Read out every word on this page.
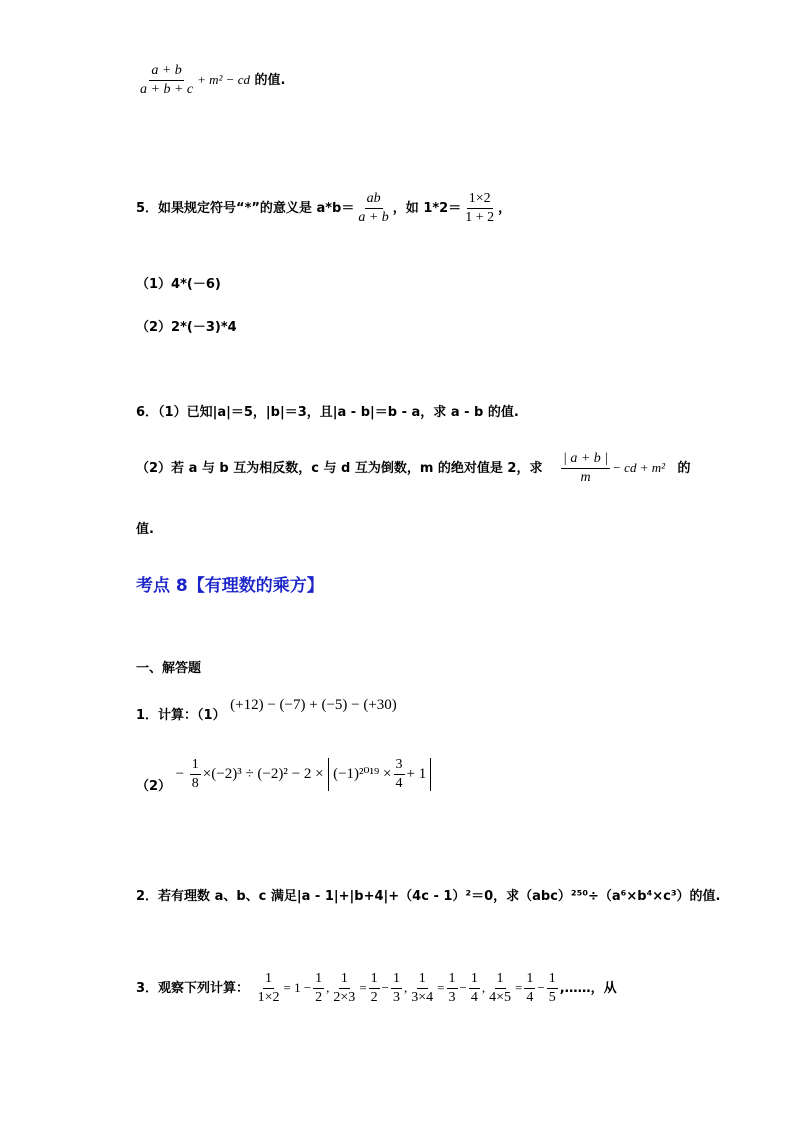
$\frac{a + b}{a + b + c} + m^2$ − cd 的值.
5．如果规定符号“*”的意义是 $a*b= \frac{ab}{a + b}$ ，如 $1*2= \frac{1\times 2}{1 + 2}$ ，
（1）4*(－6)
（2）2*(－3)*4
6．（1）已知|a|＝5，|b|＝3，且|a - b|＝b - a，求 a - b 的值.
（2）若 a 与 b 互为相反数，c 与 d 互为倒数，m 的绝对值是 2，求 $\frac{| a + b |}{m}$ − cd + m² 的
值.
考点 8【有理数的乘方】
一、解答题
1．计算：（1） (+12) − (−7) + (−5) − (+30)
$(2) - \frac{1}{8} \times(-2)^3 \div (-2)^2 - 2 \times (-1)^{2019} \times \frac{3}{4} + 1$
2．若有理数 a、b、c 满足|a - 1|+|b+4|+（4c - 1）²＝0，求（abc）²⁵⁰÷（a⁶×b⁴×c³）的值.
3．观察下列计算： $\frac{1}{1\times 2} = 1 - \frac{1}{2}$ , $\frac{1}{2\times 3} = \frac{1}{2} - \frac{1}{3}$ , $\frac{1}{3\times 4} = \frac{1}{3} - \frac{1}{4}$ , $\frac{1}{4\times 5} = \frac{1}{4} - \frac{1}{5}$ ,……，从
